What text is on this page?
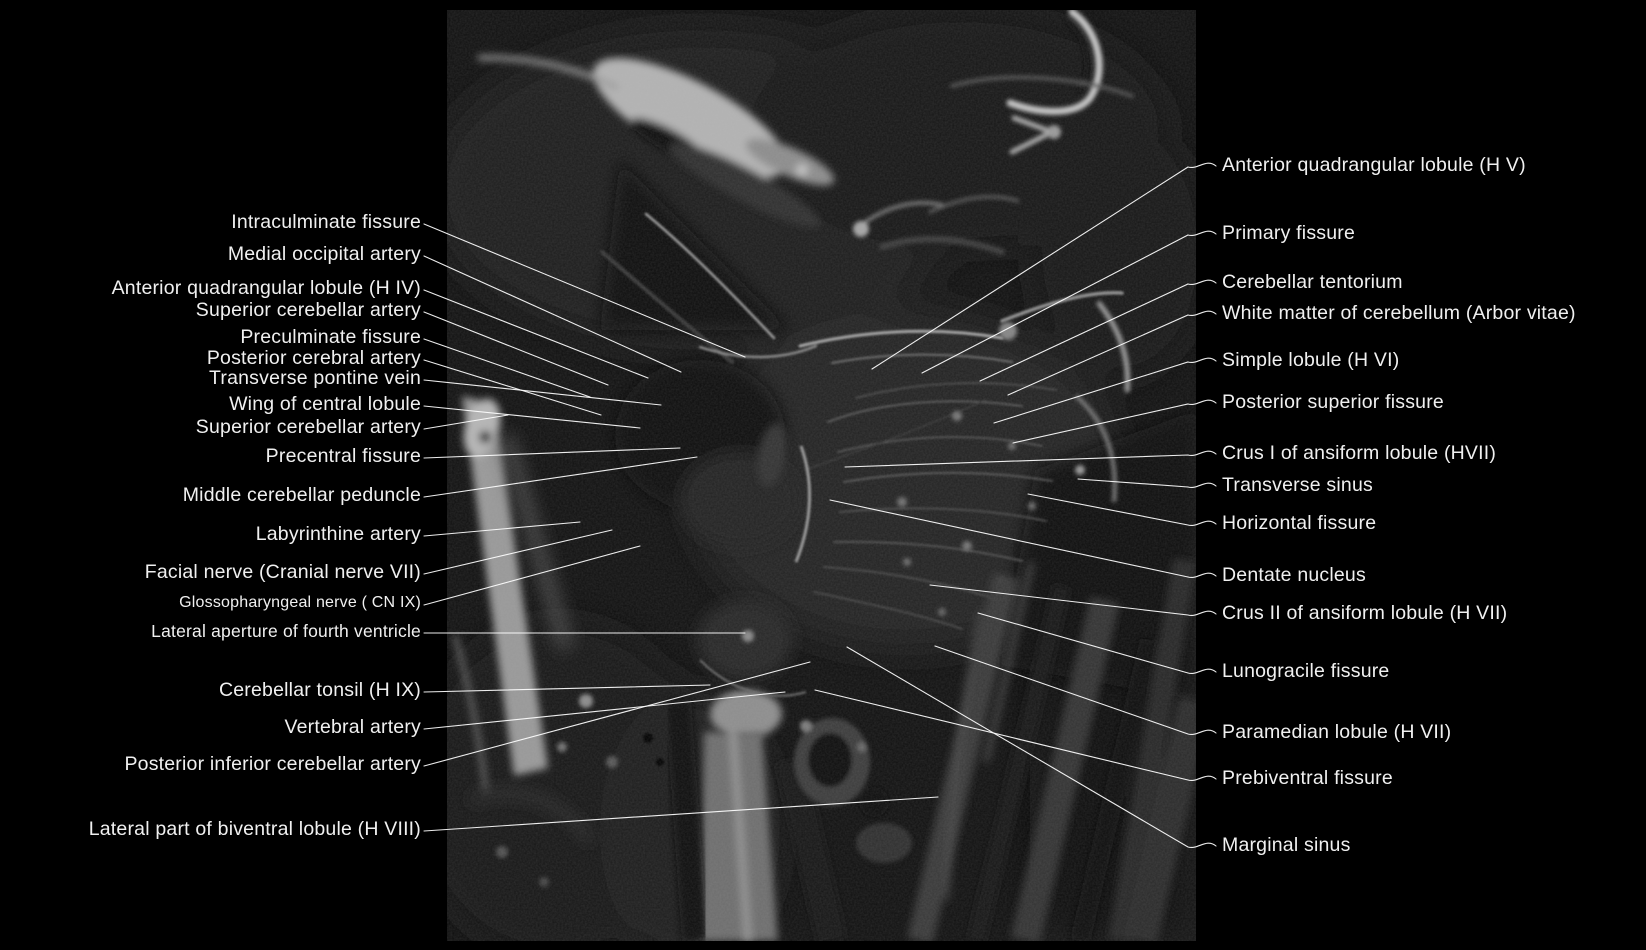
Intraculminate fissure
Medial occipital artery
Anterior quadrangular lobule (H IV)
Superior cerebellar artery
Preculminate fissure
Posterior cerebral artery
Transverse pontine vein
Wing of central lobule
Superior cerebellar artery
Precentral fissure
Middle cerebellar peduncle
Labyrinthine artery
Facial nerve (Cranial nerve VII)
Glossopharyngeal nerve ( CN IX)
Lateral aperture of fourth ventricle
Cerebellar tonsil (H IX)
Vertebral artery
Posterior inferior cerebellar artery
Lateral part of biventral lobule (H VIII)
Anterior quadrangular lobule (H V)
Primary fissure
Cerebellar tentorium
White matter of cerebellum (Arbor vitae)
Simple lobule (H VI)
Posterior superior fissure
Crus I of ansiform lobule (HVII)
Transverse sinus
Horizontal fissure
Dentate nucleus
Crus II of ansiform lobule (H VII)
Lunogracile fissure
Paramedian lobule (H VII)
Prebiventral fissure
Marginal sinus
